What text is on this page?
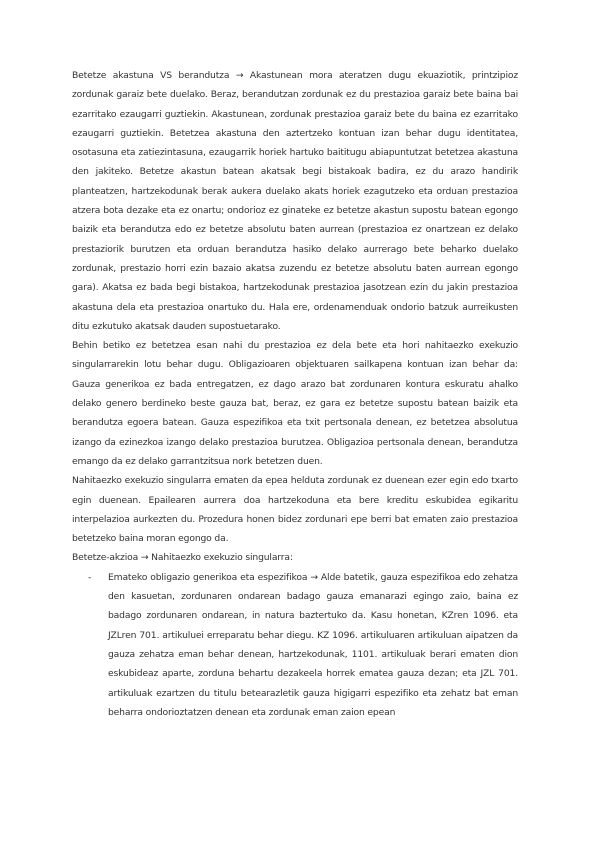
Betetze akastuna VS berandutza → Akastunean mora ateratzen dugu ekuaziotik, printzipioz zordunak garaiz bete duelako. Beraz, berandutzan zordunak ez du prestazioa garaiz bete baina bai ezarritako ezaugarri guztiekin. Akastunean, zordunak prestazioa garaiz bete du baina ez ezarritako ezaugarri guztiekin. Betetzea akastuna den aztertzeko kontuan izan behar dugu identitatea, osotasuna eta zatiezintasuna, ezaugarrik horiek hartuko baititugu abiapuntutzat betetzea akastuna den jakiteko. Betetze akastun batean akatsak begi bistakoak badira, ez du arazo handirik planteatzen, hartzekodunak berak aukera duelako akats horiek ezagutzeko eta orduan prestazioa atzera bota dezake eta ez onartu; ondorioz ez ginateke ez betetze akastun supostu batean egongo baizik eta berandutza edo ez betetze absolutu baten aurrean (prestazioa ez onartzean ez delako prestaziorik burutzen eta orduan berandutza hasiko delako aurrerago bete beharko duelako zordunak, prestazio horri ezin bazaio akatsa zuzendu ez betetze absolutu baten aurrean egongo gara). Akatsa ez bada begi bistakoa, hartzekodunak prestazioa jasotzean ezin du jakin prestazioa akastuna dela eta prestazioa onartuko du. Hala ere, ordenamenduak ondorio batzuk aurreikusten ditu ezkutuko akatsak dauden supostuetarako.

Behin betiko ez betetzea esan nahi du prestazioa ez dela bete eta hori nahitaezko exekuzio singularrarekin lotu behar dugu. Obligazioaren objektuaren sailkapena kontuan izan behar da: Gauza generikoa ez bada entregatzen, ez dago arazo bat zordunaren kontura eskuratu ahalko delako genero berdineko beste gauza bat, beraz, ez gara ez betetze supostu batean baizik eta berandutza egoera batean. Gauza espezifikoa eta txit pertsonala denean, ez betetzea absolutua izango da ezinezkoa izango delako prestazioa burutzea. Obligazioa pertsonala denean, berandutza emango da ez delako garrantzitsua nork betetzen duen.

Nahitaezko exekuzio singularra ematen da epea helduta zordunak ez duenean ezer egin edo txarto egin duenean. Epailearen aurrera doa hartzekoduna eta bere kreditu eskubidea egikaritu interpelazioa aurkezten du. Prozedura honen bidez zordunari epe berri bat ematen zaio prestazioa betetzeko baina moran egongo da.

Betetze-akzioa → Nahitaezko exekuzio singularra:

- Emateko obligazio generikoa eta espezifikoa → Alde batetik, gauza espezifikoa edo zehatza den kasuetan, zordunaren ondarean badago gauza emanarazi egingo zaio, baina ez badago zordunaren ondarean, in natura baztertuko da. Kasu honetan, KZren 1096. eta JZLren 701. artikuluei erreparatu behar diegu. KZ 1096. artikuluaren artikuluan aipatzen da gauza zehatza eman behar denean, hartzekodunak, 1101. artikuluak berari ematen dion eskubideaz aparte, zorduna behartu dezakeela horrek ematea gauza dezan; eta JZL 701. artikuluak ezartzen du titulu betearazletik gauza higigarri espezifiko eta zehatz bat eman beharra ondorioztatzen denean eta zordunak eman zaion epean
